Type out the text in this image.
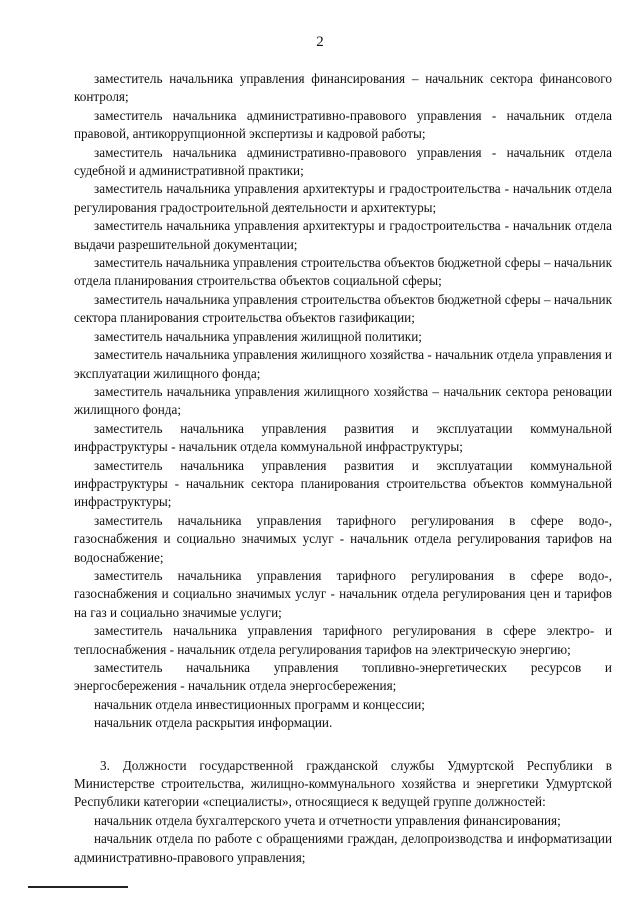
2

заместитель начальника управления финансирования – начальник сектора финансового контроля;

заместитель начальника административно-правового управления - начальник отдела правовой, антикоррупционной экспертизы и кадровой работы;

заместитель начальника административно-правового управления - начальник отдела судебной и административной практики;

заместитель начальника управления архитектуры и градостроительства - начальник отдела регулирования градостроительной деятельности и архитектуры;

заместитель начальника управления архитектуры и градостроительства - начальник отдела выдачи разрешительной документации;

заместитель начальника управления строительства объектов бюджетной сферы – начальник отдела планирования строительства объектов социальной сферы;

заместитель начальника управления строительства объектов бюджетной сферы – начальник сектора планирования строительства объектов газификации;

заместитель начальника управления жилищной политики;

заместитель начальника управления жилищного хозяйства - начальник отдела управления и эксплуатации жилищного фонда;

заместитель начальника управления жилищного хозяйства – начальник сектора реновации жилищного фонда;

заместитель начальника управления развития и эксплуатации коммунальной инфраструктуры - начальник отдела коммунальной инфраструктуры;

заместитель начальника управления развития и эксплуатации коммунальной инфраструктуры - начальник сектора планирования строительства объектов коммунальной инфраструктуры;

заместитель начальника управления тарифного регулирования в сфере водо-, газоснабжения и социально значимых услуг - начальник отдела регулирования тарифов на водоснабжение;

заместитель начальника управления тарифного регулирования в сфере водо-, газоснабжения и социально значимых услуг - начальник отдела регулирования цен и тарифов на газ и социально значимые услуги;

заместитель начальника управления тарифного регулирования в сфере электро- и теплоснабжения - начальник отдела регулирования тарифов на электрическую энергию;

заместитель начальника управления топливно-энергетических ресурсов и энергосбережения - начальник отдела энергосбережения;

начальник отдела инвестиционных программ и концессии;

начальник отдела раскрытия информации.

3. Должности государственной гражданской службы Удмуртской Республики в Министерстве строительства, жилищно-коммунального хозяйства и энергетики Удмуртской Республики категории «специалисты», относящиеся к ведущей группе должностей:

начальник отдела бухгалтерского учета и отчетности управления финансирования;

начальник отдела по работе с обращениями граждан, делопроизводства и информатизации административно-правового управления;
